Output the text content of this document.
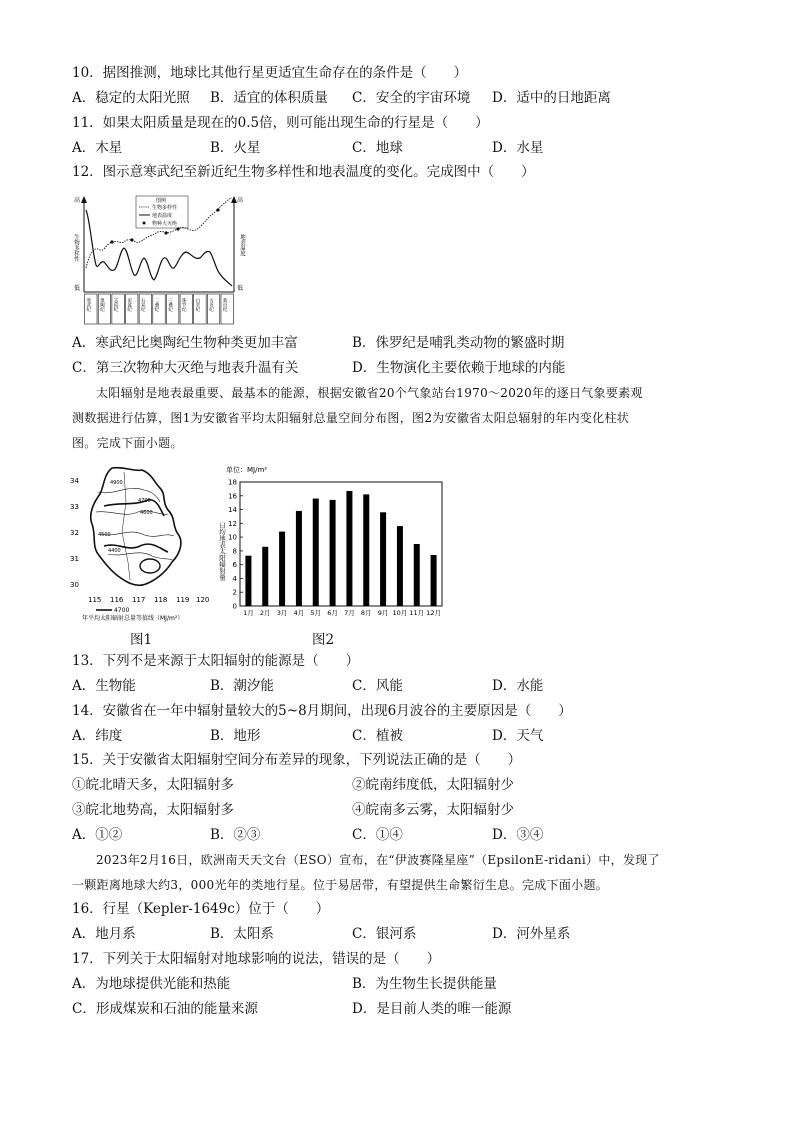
10．据图推测，地球比其他行星更适宜生命存在的条件是（　　）
A．稳定的太阳光照 B．适宜的体积质量 C．安全的宇宙环境 D．适中的日地距离
11．如果太阳质量是现在的0.5倍，则可能出现生命的行星是（　　）
A．木星	B．火星	C．地球	D．水星
12．图示意寒武纪至新近纪生物多样性和地表温度的变化。完成图中（　　）
高
低
高
低
生物多样性	地表温度
图例
生物多样性
地表温度
物种大灭绝
寒武纪 奥陶纪 志留纪 泥盆纪 石炭纪 二叠纪 三叠纪 侏罗纪 白垩纪 古近纪 新近纪
A．寒武纪比奥陶纪生物种类更加丰富	B．侏罗纪是哺乳类动物的繁盛时期
C．第三次物种大灭绝与地表升温有关	D．生物演化主要依赖于地球的内能
太阳辐射是地表最重要、最基本的能源，根据安徽省20个气象站台1970～2020年的逐日气象要素观
测数据进行估算，图1为安徽省平均太阳辐射总量空间分布图，图2为安徽省太阳总辐射的年内变化柱状
图。完成下面小题。
34
33
32
31
30
115 116 117 118 119 120
4900
4700
4600
4500
4400
4700
年平均太阳辐射总量等值线（MJ/m²）
单位：MJ/m²
日均地表太阳辐射量
0
2
4
6
8
10
12
14
16
18
1月 2月 3月 4月 5月 6月 7月 8月 9月 10月 11月 12月
图1	图2
13．下列不是来源于太阳辐射的能源是（　　）
A．生物能	B．潮汐能	C．风能	D．水能
14．安徽省在一年中辐射量较大的5~8月期间，出现6月波谷的主要原因是（　　）
A．纬度	B．地形	C．植被	D．天气
15．关于安徽省太阳辐射空间分布差异的现象，下列说法正确的是（　　）
①皖北晴天多，太阳辐射多	②皖南纬度低，太阳辐射少
③皖北地势高，太阳辐射多	④皖南多云雾，太阳辐射少
A．①②	B．②③	C．①④	D．③④
2023年2月16日，欧洲南天天文台（ESO）宣布，在“伊波赛隆星座”（EpsilonE-ridani）中，发现了
一颗距离地球大约3，000光年的类地行星。位于易居带，有望提供生命繁衍生息。完成下面小题。
16．行星（Kepler-1649c）位于（　　）
A．地月系	B．太阳系	C．银河系	D．河外星系
17．下列关于太阳辐射对地球影响的说法，错误的是（　　）
A．为地球提供光能和热能	B．为生物生长提供能量
C．形成煤炭和石油的能量来源	D．是目前人类的唯一能源
